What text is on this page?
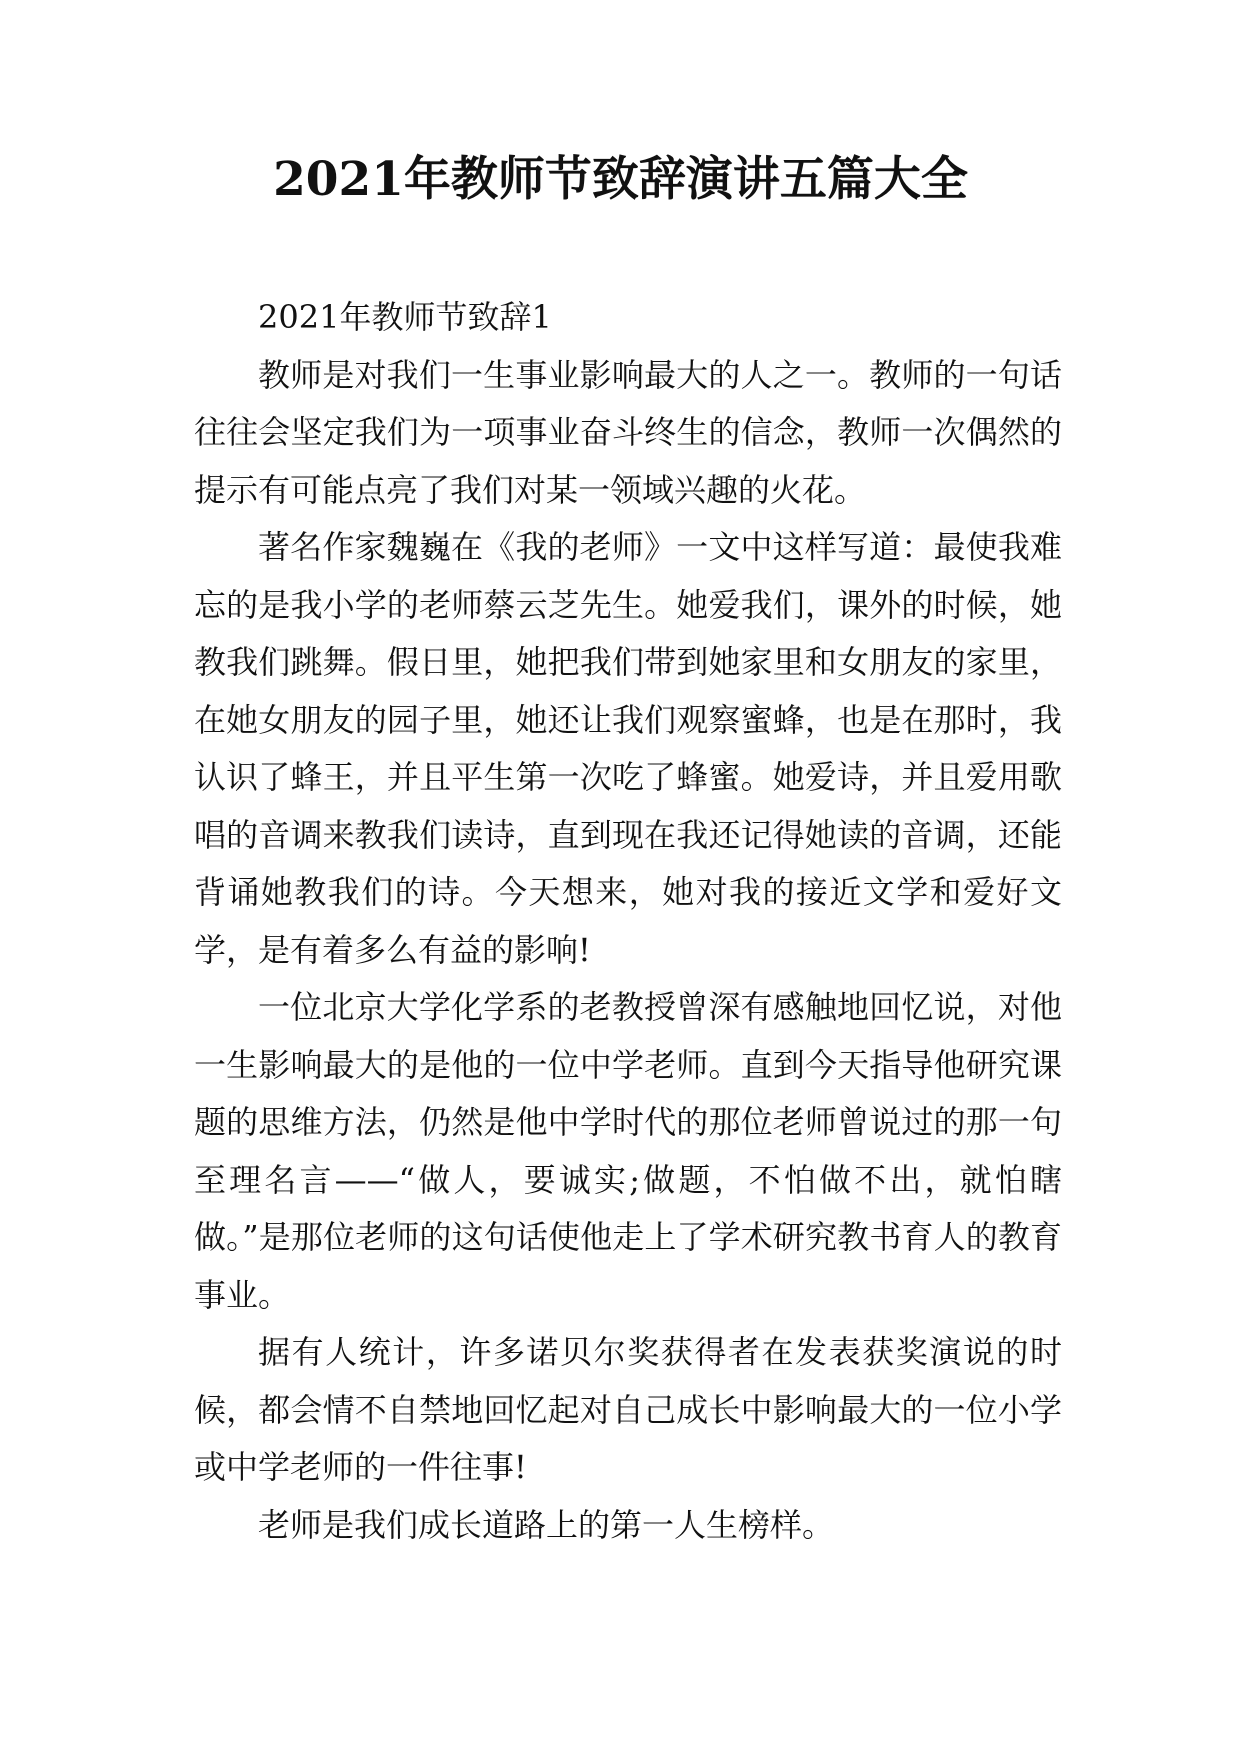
2021年教师节致辞演讲五篇大全

2021年教师节致辞1

教师是对我们一生事业影响最大的人之一。教师的一句话往往会坚定我们为一项事业奋斗终生的信念，教师一次偶然的提示有可能点亮了我们对某一领域兴趣的火花。

著名作家魏巍在《我的老师》一文中这样写道：最使我难忘的是我小学的老师蔡云芝先生。她爱我们，课外的时候，她教我们跳舞。假日里，她把我们带到她家里和女朋友的家里，在她女朋友的园子里，她还让我们观察蜜蜂，也是在那时，我认识了蜂王，并且平生第一次吃了蜂蜜。她爱诗，并且爱用歌唱的音调来教我们读诗，直到现在我还记得她读的音调，还能背诵她教我们的诗。今天想来，她对我的接近文学和爱好文学，是有着多么有益的影响!

一位北京大学化学系的老教授曾深有感触地回忆说，对他一生影响最大的是他的一位中学老师。直到今天指导他研究课题的思维方法，仍然是他中学时代的那位老师曾说过的那一句至理名言——“做人，要诚实;做题，不怕做不出，就怕瞎做。”是那位老师的这句话使他走上了学术研究教书育人的教育事业。

据有人统计，许多诺贝尔奖获得者在发表获奖演说的时候，都会情不自禁地回忆起对自己成长中影响最大的一位小学或中学老师的一件往事!

老师是我们成长道路上的第一人生榜样。
